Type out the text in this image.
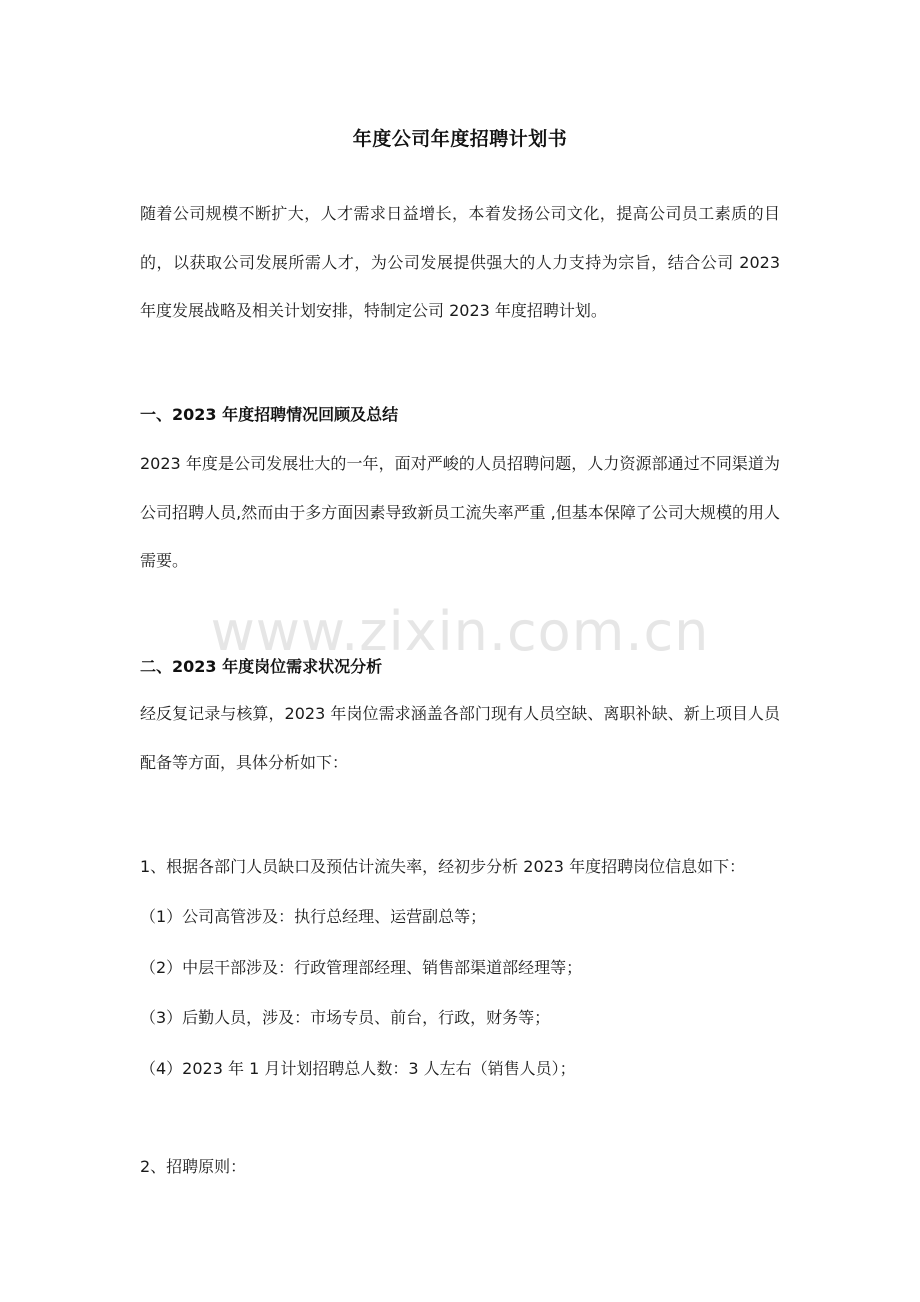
年度公司年度招聘计划书
随着公司规模不断扩大，人才需求日益增长，本着发扬公司文化，提高公司员工素质的目的，以获取公司发展所需人才，为公司发展提供强大的人力支持为宗旨，结合公司 2023 年度发展战略及相关计划安排，特制定公司 2023 年度招聘计划。
一、2023 年度招聘情况回顾及总结
2023 年度是公司发展壮大的一年，面对严峻的人员招聘问题，人力资源部通过不同渠道为公司招聘人员,然而由于多方面因素导致新员工流失率严重 ,但基本保障了公司大规模的用人需要。
www.zixin.com.cn
二、2023 年度岗位需求状况分析
经反复记录与核算，2023 年岗位需求涵盖各部门现有人员空缺、离职补缺、新上项目人员配备等方面，具体分析如下：
1、根据各部门人员缺口及预估计流失率，经初步分析 2023 年度招聘岗位信息如下：
（1）公司高管涉及：执行总经理、运营副总等；
（2）中层干部涉及：行政管理部经理、销售部渠道部经理等；
（3）后勤人员，涉及：市场专员、前台，行政，财务等；
（4）2023 年 1 月计划招聘总人数：3 人左右（销售人员）；
2、招聘原则：
